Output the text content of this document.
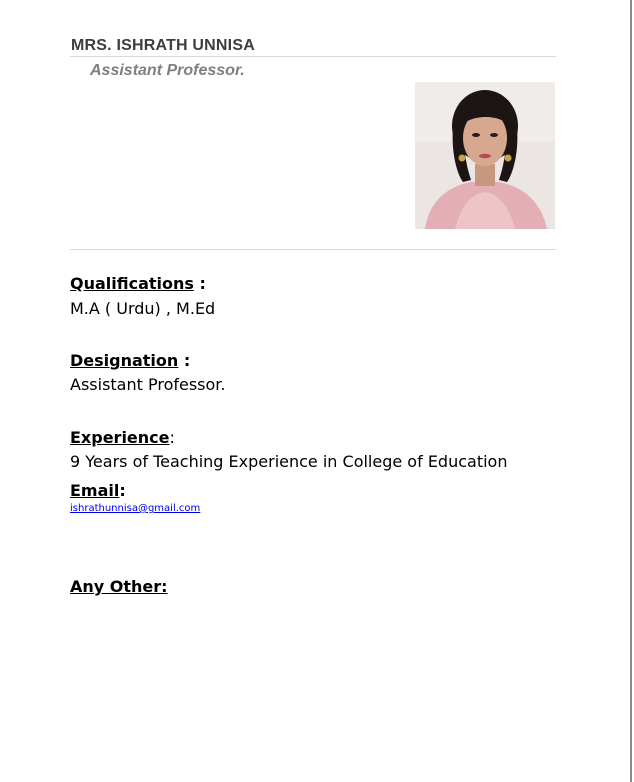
MRS. ISHRATH UNNISA
Assistant Professor.
Qualifications :
M.A ( Urdu) , M.Ed
Designation :
Assistant Professor.
Experience:
9 Years of Teaching Experience in College of Education
Email:
ishrathunnisa@gmail.com
Any Other:
